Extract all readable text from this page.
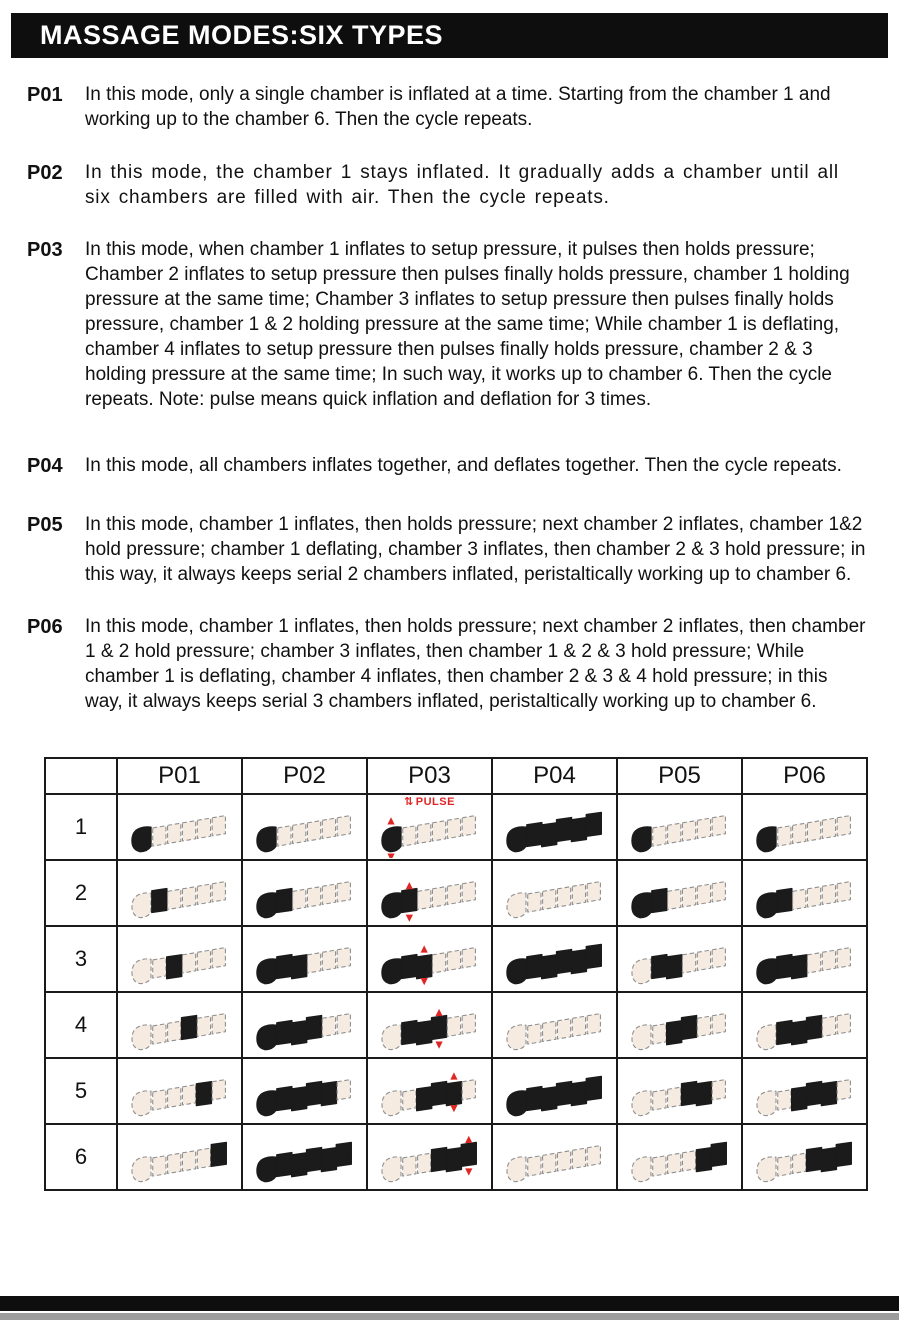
MASSAGE MODES:SIX TYPES
P01	In this mode, only a single chamber is inflated at a time. Starting from the chamber 1 and working up to the chamber 6. Then the cycle repeats.

P02	In this mode, the chamber 1 stays inflated. It gradually adds a chamber until all six chambers are filled with air. Then the cycle repeats.

P03	In this mode, when chamber 1 inflates to setup pressure, it pulses then holds pressure; Chamber 2 inflates to setup pressure then pulses finally holds pressure, chamber 1 holding pressure at the same time; Chamber 3 inflates to setup pressure then pulses finally holds pressure, chamber 1 & 2 holding pressure at the same time; While chamber 1 is deflating, chamber 4 inflates to setup pressure then pulses finally holds pressure, chamber 2 & 3 holding pressure at the same time; In such way, it works up to chamber 6. Then the cycle repeats. Note: pulse means quick inflation and deflation for 3 times.

P04	In this mode, all chambers inflates together, and deflates together. Then the cycle repeats.

P05	In this mode, chamber 1 inflates, then holds pressure; next chamber 2 inflates, chamber 1&2 hold pressure; chamber 1 deflating, chamber 3 inflates, then chamber 2 & 3 hold pressure; in this way, it always keeps serial 2 chambers inflated, peristaltically working up to chamber 6.

P06	In this mode, chamber 1 inflates, then holds pressure; next chamber 2 inflates, then chamber 1 & 2 hold pressure; chamber 3 inflates, then chamber 1 & 2 & 3 hold pressure; While chamber 1 is deflating, chamber 4 inflates, then chamber 2 & 3 & 4 hold pressure; in this way, it always keeps serial 3 chambers inflated, peristaltically working up to chamber 6.

	P01	P02	P03	P04	P05	P06
1			⇅ PULSE

2	

3	

4	

5	

6	
